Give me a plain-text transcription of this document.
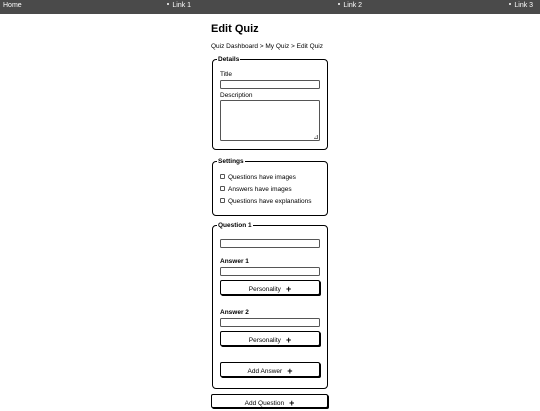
Home	Link 1	Link 2	Link 3
Edit Quiz
Quiz Dashboard > My Quiz > Edit Quiz
Details
Title
Description
Settings
Questions have images
Answers have images
Questions have explanations
Question 1
Answer 1
Personality +
Answer 2
Personality +
Add Answer +
Add Question +
